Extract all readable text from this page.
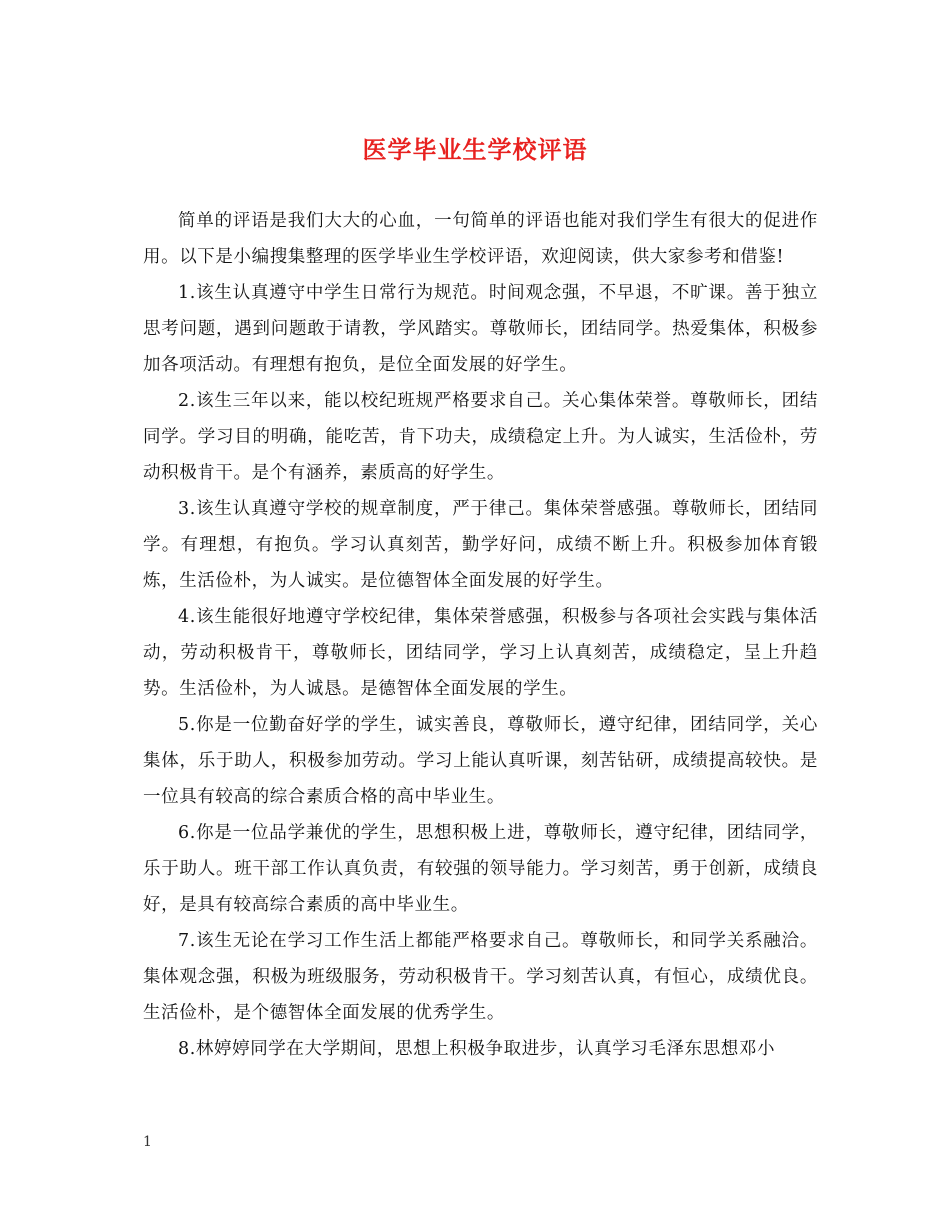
医学毕业生学校评语

简单的评语是我们大大的心血，一句简单的评语也能对我们学生有很大的促进作用。以下是小编搜集整理的医学毕业生学校评语，欢迎阅读，供大家参考和借鉴!

1.该生认真遵守中学生日常行为规范。时间观念强，不早退，不旷课。善于独立思考问题，遇到问题敢于请教，学风踏实。尊敬师长，团结同学。热爱集体，积极参加各项活动。有理想有抱负，是位全面发展的好学生。

2.该生三年以来，能以校纪班规严格要求自己。关心集体荣誉。尊敬师长，团结同学。学习目的明确，能吃苦，肯下功夫，成绩稳定上升。为人诚实，生活俭朴，劳动积极肯干。是个有涵养，素质高的好学生。

3.该生认真遵守学校的规章制度，严于律己。集体荣誉感强。尊敬师长，团结同学。有理想，有抱负。学习认真刻苦，勤学好问，成绩不断上升。积极参加体育锻炼，生活俭朴，为人诚实。是位德智体全面发展的好学生。

4.该生能很好地遵守学校纪律，集体荣誉感强，积极参与各项社会实践与集体活动，劳动积极肯干，尊敬师长，团结同学，学习上认真刻苦，成绩稳定，呈上升趋势。生活俭朴，为人诚恳。是德智体全面发展的学生。

5.你是一位勤奋好学的学生，诚实善良，尊敬师长，遵守纪律，团结同学，关心集体，乐于助人，积极参加劳动。学习上能认真听课，刻苦钻研，成绩提高较快。是一位具有较高的综合素质合格的高中毕业生。

6.你是一位品学兼优的学生，思想积极上进，尊敬师长，遵守纪律，团结同学，乐于助人。班干部工作认真负责，有较强的领导能力。学习刻苦，勇于创新，成绩良好，是具有较高综合素质的高中毕业生。

7.该生无论在学习工作生活上都能严格要求自己。尊敬师长，和同学关系融洽。集体观念强，积极为班级服务，劳动积极肯干。学习刻苦认真，有恒心，成绩优良。生活俭朴，是个德智体全面发展的优秀学生。

8.林婷婷同学在大学期间，思想上积极争取进步，认真学习毛泽东思想邓小

1
